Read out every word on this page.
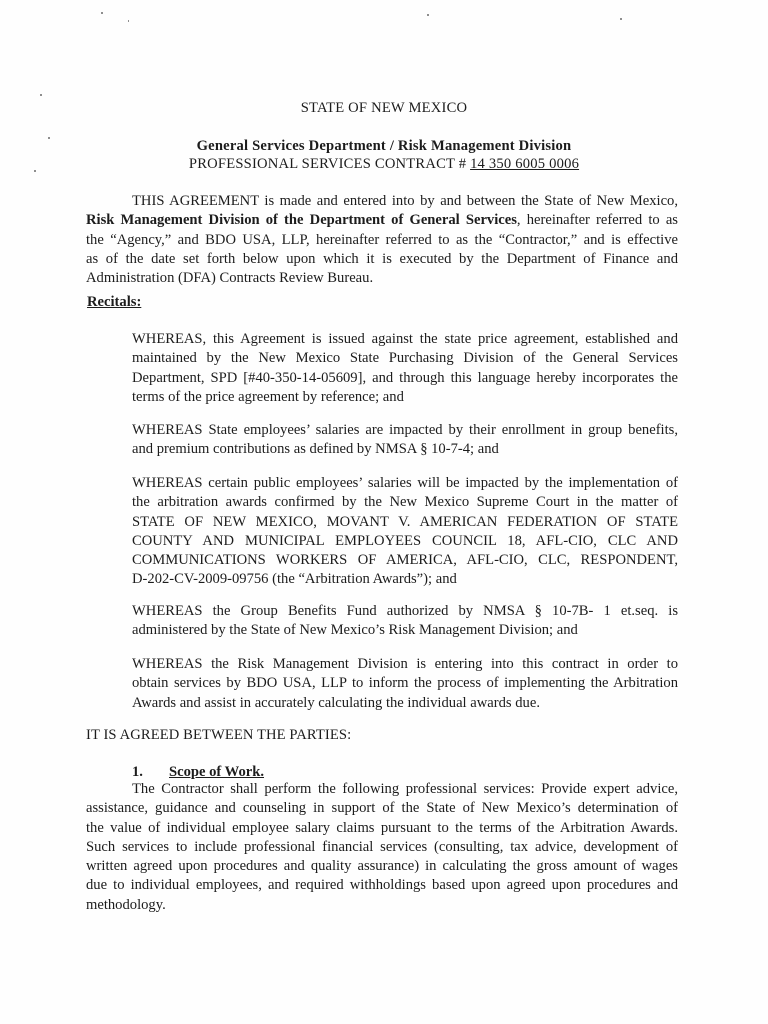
STATE OF NEW MEXICO
General Services Department / Risk Management Division
PROFESSIONAL SERVICES CONTRACT # 14 350 6005 0006
THIS AGREEMENT is made and entered into by and between the State of New Mexico,
Risk Management Division of the Department of General Services, hereinafter referred to as
the “Agency,” and BDO USA, LLP, hereinafter referred to as the “Contractor,” and is effective
as of the date set forth below upon which it is executed by the Department of Finance and
Administration (DFA) Contracts Review Bureau.
Recitals:
WHEREAS, this Agreement is issued against the state price agreement, established and
maintained by the New Mexico State Purchasing Division of the General Services
Department, SPD [#40-350-14-05609], and through this language hereby incorporates the
terms of the price agreement by reference; and
WHEREAS State employees’ salaries are impacted by their enrollment in group benefits,
and premium contributions as defined by NMSA § 10-7-4; and
WHEREAS certain public employees’ salaries will be impacted by the implementation of
the arbitration awards confirmed by the New Mexico Supreme Court in the matter of
STATE OF NEW MEXICO, MOVANT V. AMERICAN FEDERATION OF STATE
COUNTY AND MUNICIPAL EMPLOYEES COUNCIL 18, AFL-CIO, CLC AND
COMMUNICATIONS WORKERS OF AMERICA, AFL-CIO, CLC, RESPONDENT,
D-202-CV-2009-09756 (the “Arbitration Awards”); and
WHEREAS the Group Benefits Fund authorized by NMSA § 10-7B- 1 et.seq. is
administered by the State of New Mexico’s Risk Management Division; and
WHEREAS the Risk Management Division is entering into this contract in order to
obtain services by BDO USA, LLP to inform the process of implementing the Arbitration
Awards and assist in accurately calculating the individual awards due.
IT IS AGREED BETWEEN THE PARTIES:
1. Scope of Work.
The Contractor shall perform the following professional services: Provide expert advice,
assistance, guidance and counseling in support of the State of New Mexico’s determination of
the value of individual employee salary claims pursuant to the terms of the Arbitration Awards.
Such services to include professional financial services (consulting, tax advice, development of
written agreed upon procedures and quality assurance) in calculating the gross amount of wages
due to individual employees, and required withholdings based upon agreed upon procedures and
methodology.
